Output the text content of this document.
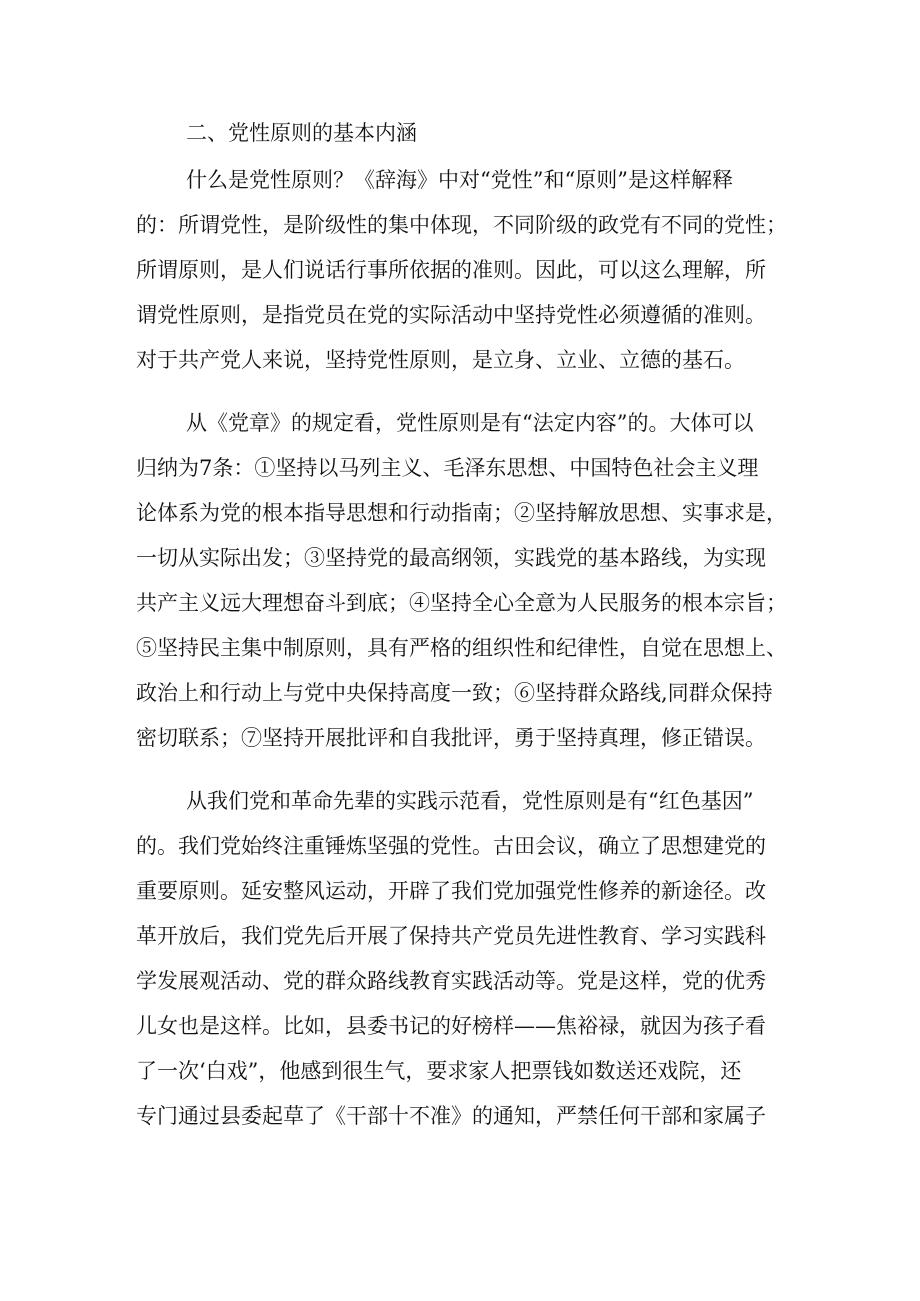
二、党性原则的基本内涵
什么是党性原则？《辞海》中对“党性”和“原则”是这样解释
的：所谓党性，是阶级性的集中体现，不同阶级的政党有不同的党性；
所谓原则，是人们说话行事所依据的准则。因此，可以这么理解，所
谓党性原则，是指党员在党的实际活动中坚持党性必须遵循的准则。
对于共产党人来说，坚持党性原则，是立身、立业、立德的基石。
从《党章》的规定看，党性原则是有“法定内容”的。大体可以
归纳为7条：①坚持以马列主义、毛泽东思想、中国特色社会主义理
论体系为党的根本指导思想和行动指南；②坚持解放思想、实事求是，
一切从实际出发；③坚持党的最高纲领，实践党的基本路线，为实现
共产主义远大理想奋斗到底；④坚持全心全意为人民服务的根本宗旨；
⑤坚持民主集中制原则，具有严格的组织性和纪律性，自觉在思想上、
政治上和行动上与党中央保持高度一致；⑥坚持群众路线,同群众保持
密切联系；⑦坚持开展批评和自我批评，勇于坚持真理，修正错误。
从我们党和革命先辈的实践示范看，党性原则是有“红色基因”
的。我们党始终注重锤炼坚强的党性。古田会议，确立了思想建党的
重要原则。延安整风运动，开辟了我们党加强党性修养的新途径。改
革开放后，我们党先后开展了保持共产党员先进性教育、学习实践科
学发展观活动、党的群众路线教育实践活动等。党是这样，党的优秀
儿女也是这样。比如，县委书记的好榜样——焦裕禄，就因为孩子看
了一次‘白戏”，他感到很生气，要求家人把票钱如数送还戏院，还
专门通过县委起草了《干部十不准》的通知，严禁任何干部和家属子
